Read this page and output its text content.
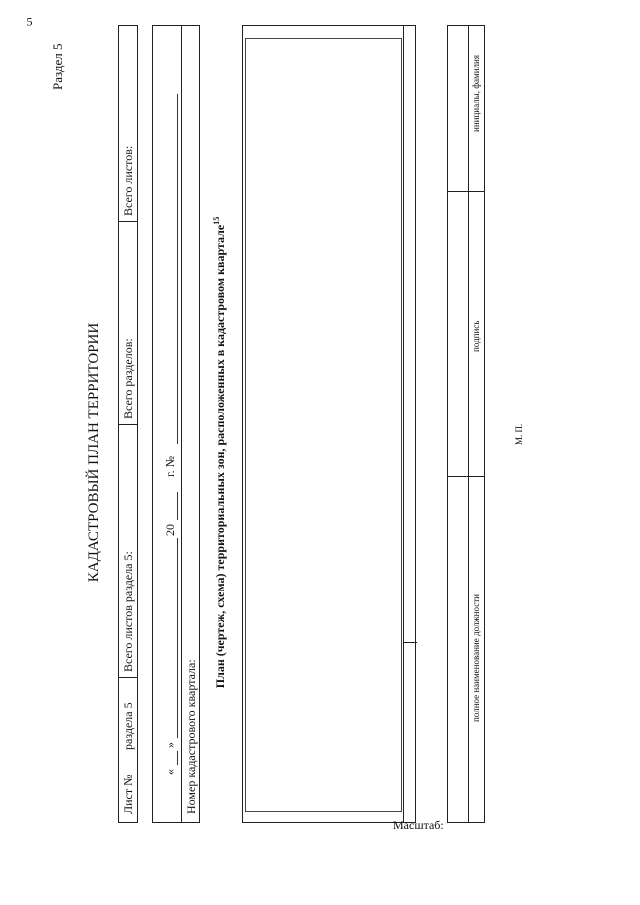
5
Раздел 5
КАДАСТРОВЫЙ ПЛАН ТЕРРИТОРИИ
Лист №
раздела 5
Всего листов раздела 5:
Всего разделов:
Всего листов:
«
»
20
г. №
Номер кадастрового квартала:
План (чертеж, схема) территориальных зон, расположенных в кадастровом квартале$^{15}$
Масштаб:
полное наименование должности
подпись
инициалы, фамилия
М. П.
